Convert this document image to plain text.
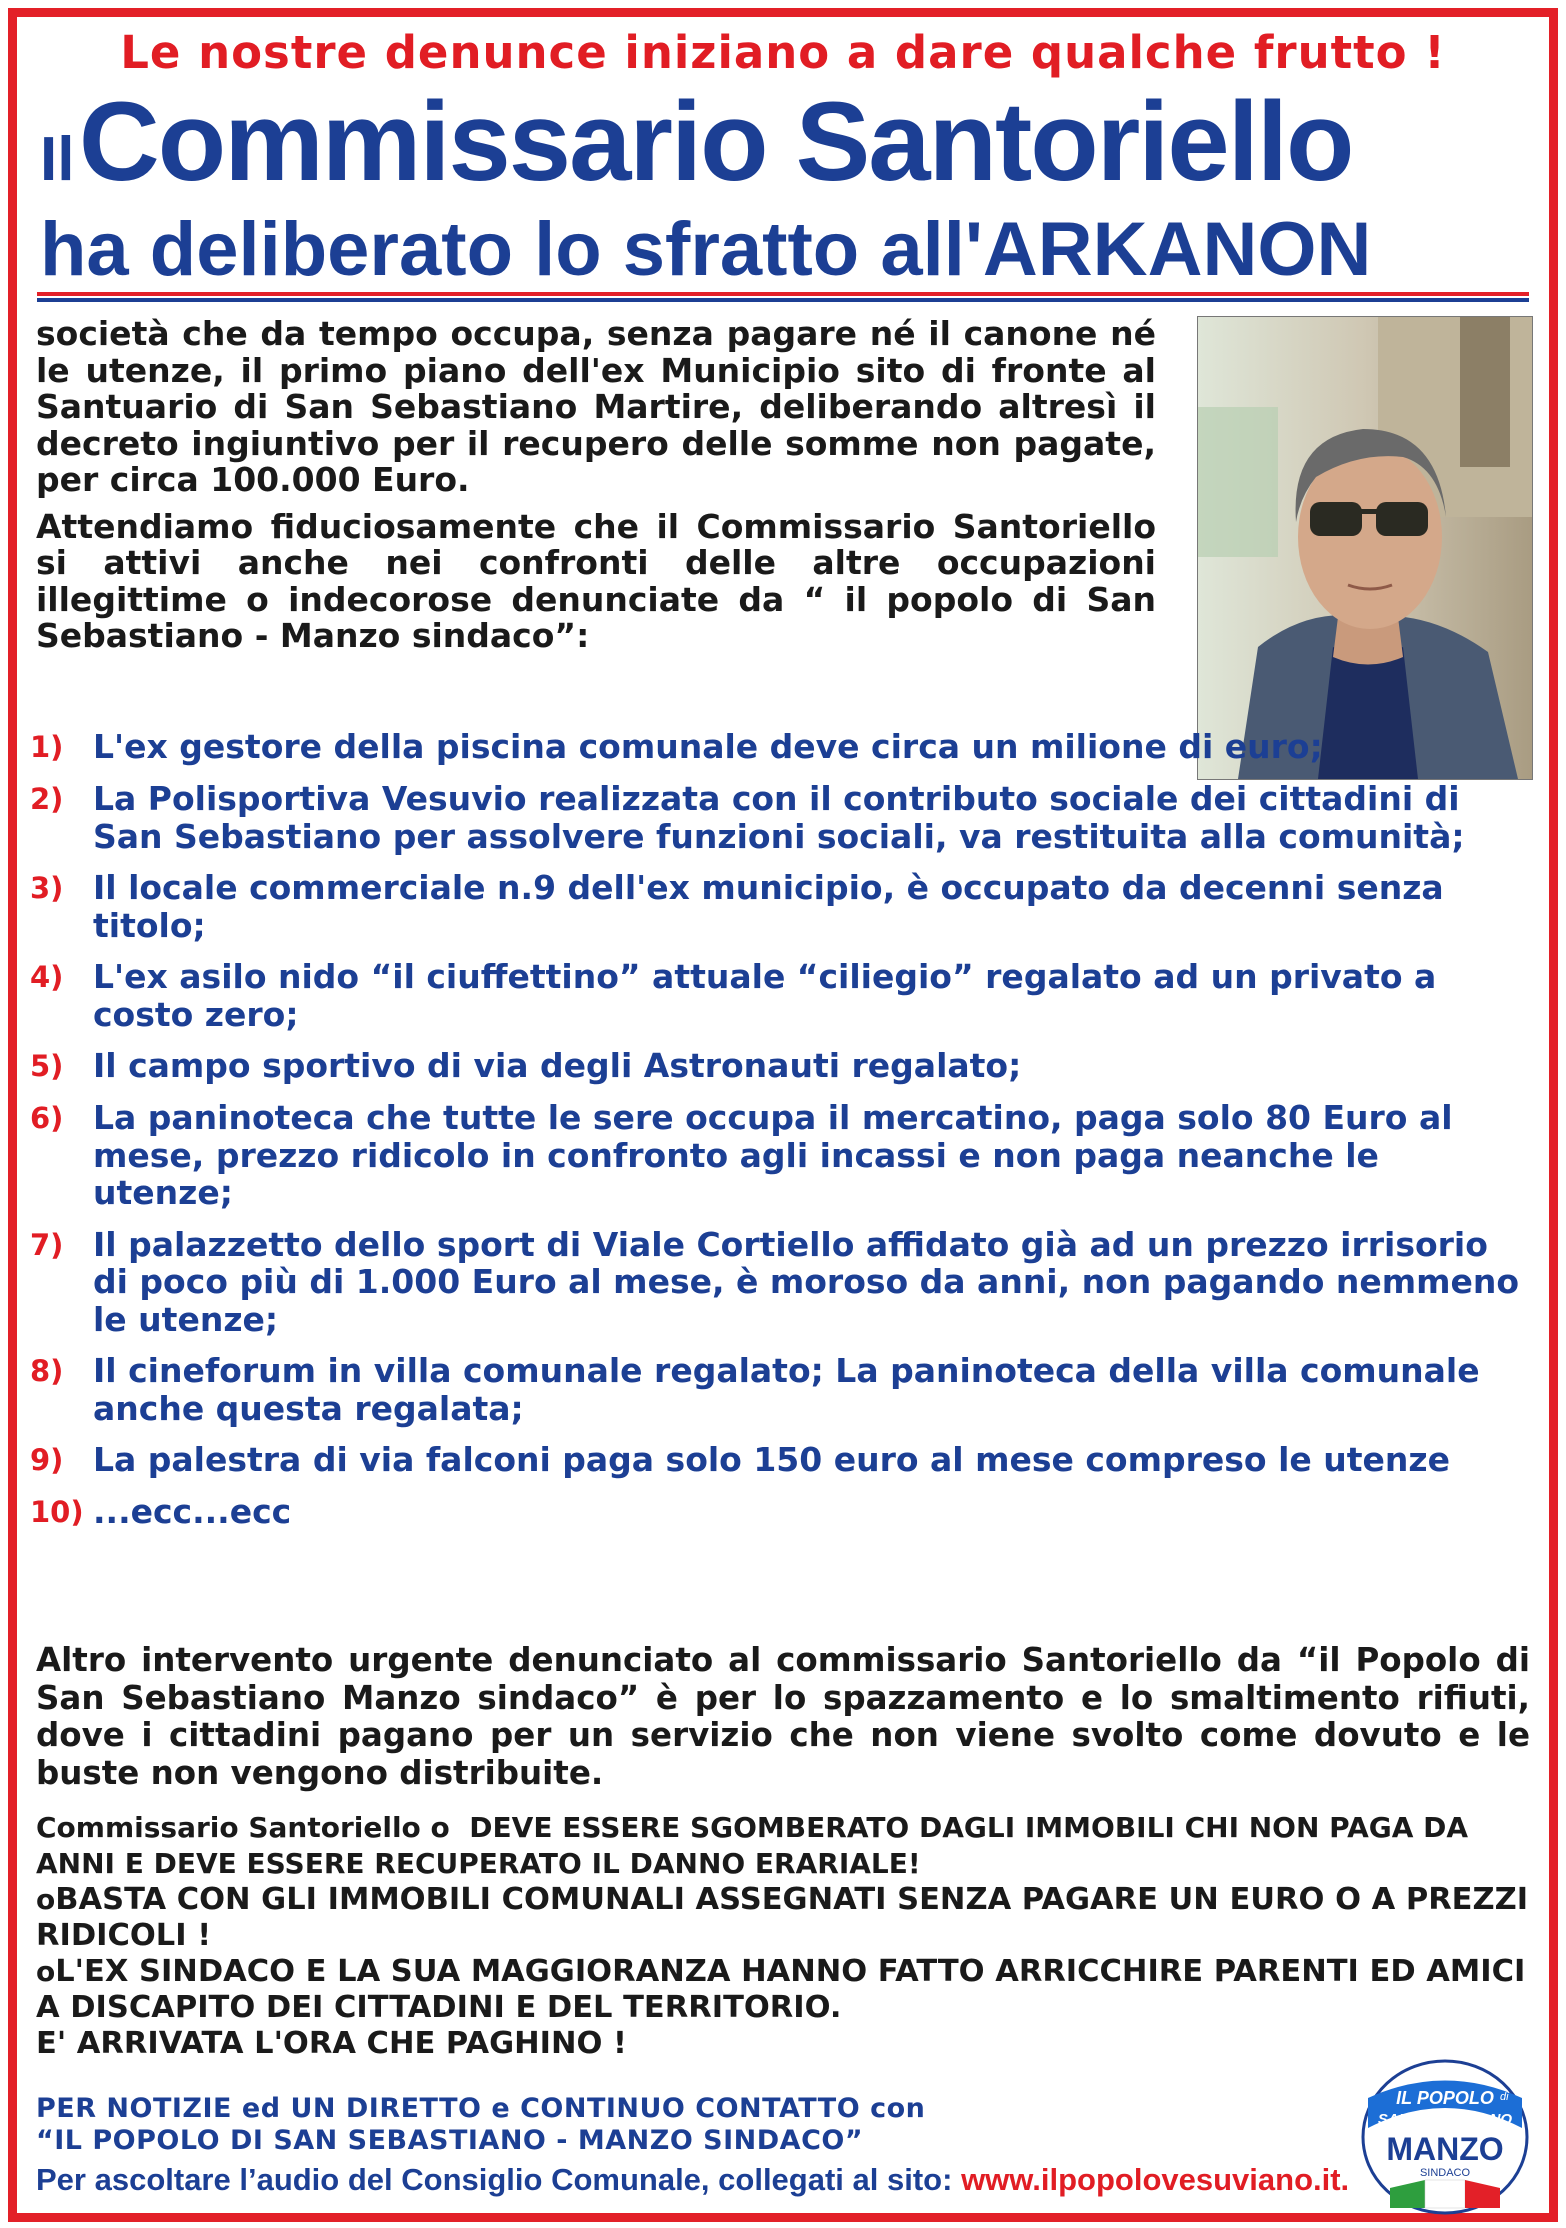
Le nostre denunce iniziano a dare qualche frutto !
Il Commissario Santoriello
ha deliberato lo sfratto all'ARKANON

società che da tempo occupa, senza pagare né il canone né le utenze, il primo piano dell'ex Municipio sito di fronte al Santuario di San Sebastiano Martire, deliberando altresì il decreto ingiuntivo per il recupero delle somme non pagate, per circa 100.000 Euro.

Attendiamo fiduciosamente che il Commissario Santoriello si attivi anche nei confronti delle altre occupazioni illegittime o indecorose denunciate da “ il popolo di San Sebastiano - Manzo sindaco”:

1) L'ex gestore della piscina comunale deve circa un milione di euro;
2) La Polisportiva Vesuvio realizzata con il contributo sociale dei cittadini di San Sebastiano per assolvere funzioni sociali, va restituita alla comunità;
3) Il locale commerciale n.9 dell'ex municipio, è occupato da decenni senza titolo;
4) L'ex asilo nido “il ciuffettino” attuale “ciliegio” regalato ad un privato a costo zero;
5) Il campo sportivo di via degli Astronauti regalato;
6) La paninoteca che tutte le sere occupa il mercatino, paga solo 80 Euro al mese, prezzo ridicolo in confronto agli incassi e non paga neanche le utenze;
7) Il palazzetto dello sport di Viale Cortiello affidato già ad un prezzo irrisorio di poco più di 1.000 Euro al mese, è moroso da anni, non pagando nemmeno le utenze;
8) Il cineforum in villa comunale regalato; La paninoteca della villa comunale anche questa regalata;
9) La palestra di via falconi paga solo 150 euro al mese compreso le utenze
10) ...ecc...ecc

Altro intervento urgente denunciato al commissario Santoriello da “il Popolo di San Sebastiano Manzo sindaco” è per lo spazzamento e lo smaltimento rifiuti, dove i cittadini pagano per un servizio che non viene svolto come dovuto e le buste non vengono distribuite.

Commissario Santoriello o DEVE ESSERE SGOMBERATO DAGLI IMMOBILI CHI NON PAGA DA ANNI E DEVE ESSERE RECUPERATO IL DANNO ERARIALE!

oBASTA CON GLI IMMOBILI COMUNALI ASSEGNATI SENZA PAGARE UN EURO O A PREZZI RIDICOLI !

oL'EX SINDACO E LA SUA MAGGIORANZA HANNO FATTO ARRICCHIRE PARENTI ED AMICI A DISCAPITO DEI CITTADINI E DEL TERRITORIO.

E' ARRIVATA L'ORA CHE PAGHINO !

PER NOTIZIE ed UN DIRETTO e CONTINUO CONTATTO con

“IL POPOLO DI SAN SEBASTIANO - MANZO SINDACO”

Per ascoltare l’audio del Consiglio Comunale, collegati al sito: www.ilpopolovesuviano.it.
IL POPOLO di
SAN SEBASTIANO
MANZO
SINDACO
